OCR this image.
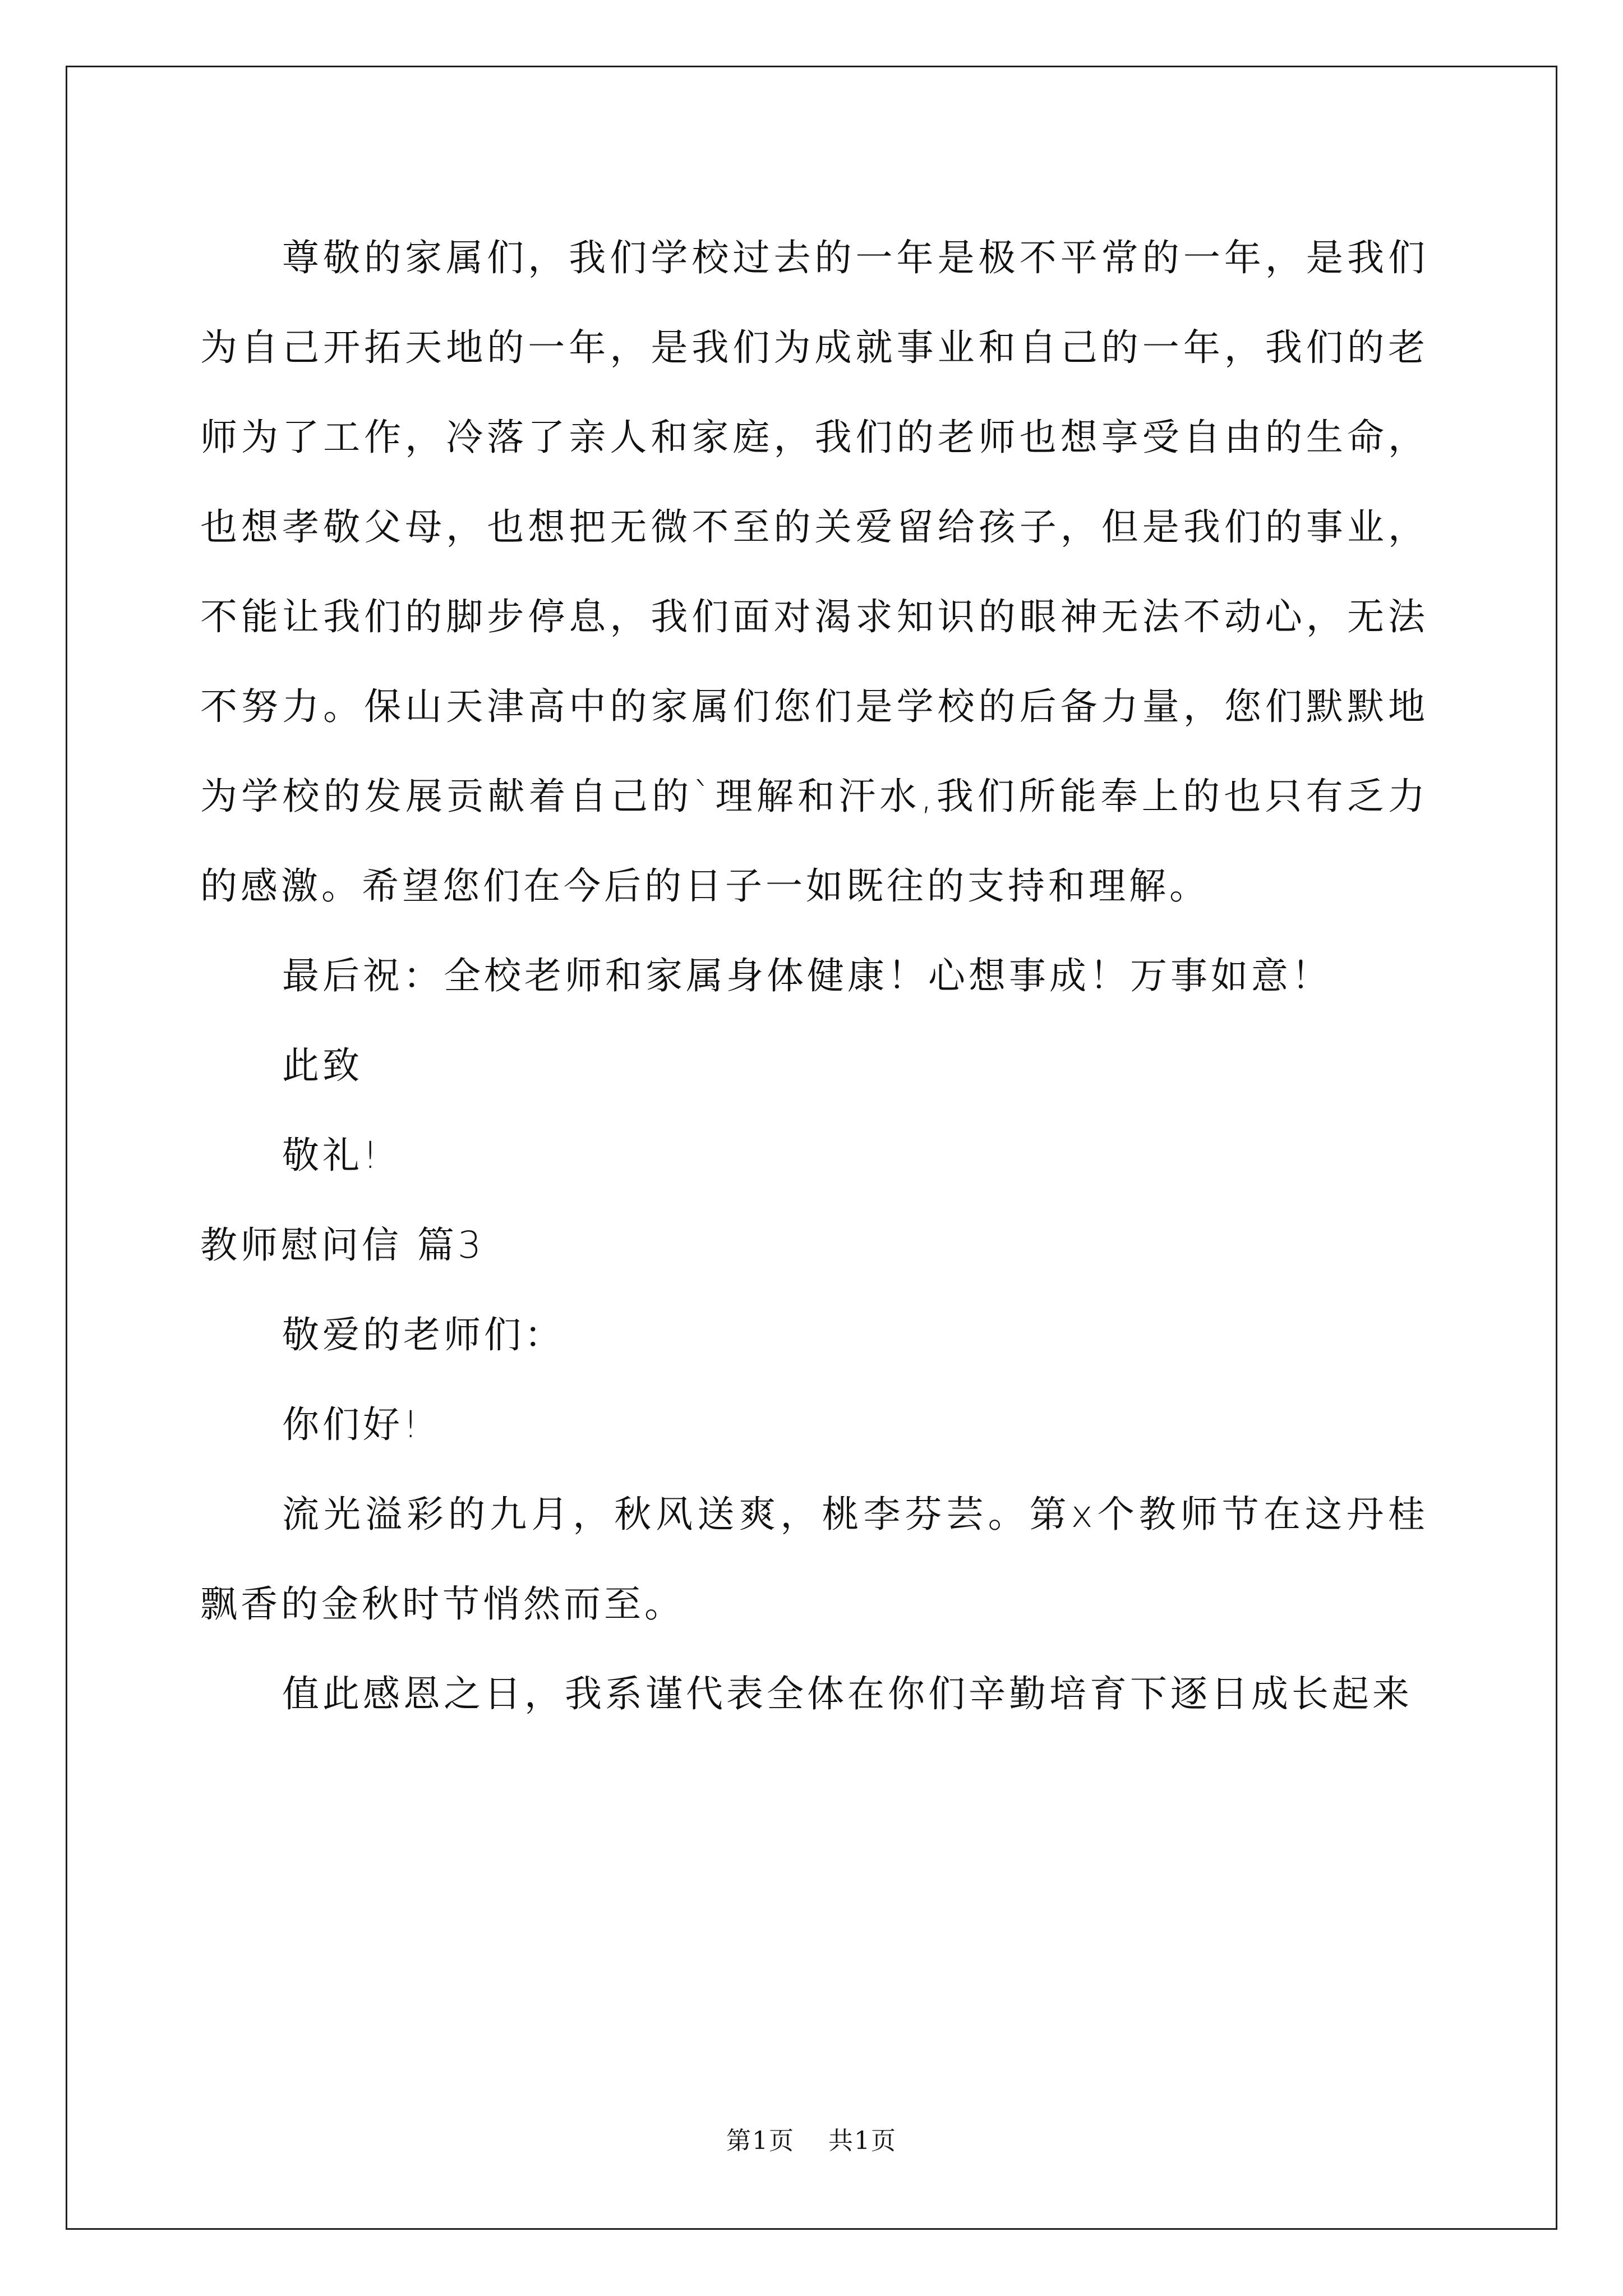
尊敬的家属们，我们学校过去的一年是极不平常的一年，是我们为自己开拓天地的一年，是我们为成就事业和自己的一年，我们的老师为了工作，冷落了亲人和家庭，我们的老师也想享受自由的生命，也想孝敬父母，也想把无微不至的关爱留给孩子，但是我们的事业，不能让我们的脚步停息，我们面对渴求知识的眼神无法不动心，无法不努力。保山天津高中的家属们您们是学校的后备力量，您们默默地为学校的发展贡献着自己的`理解和汗水,我们所能奉上的也只有乏力的感激。希望您们在今后的日子一如既往的支持和理解。

最后祝：全校老师和家属身体健康！心想事成！万事如意！

此致

敬礼!

教师慰问信 篇3

敬爱的老师们：

你们好!

流光溢彩的九月，秋风送爽，桃李芬芸。第x个教师节在这丹桂飘香的金秋时节悄然而至。

值此感恩之日，我系谨代表全体在你们辛勤培育下逐日成长起来

第1页 共1页
